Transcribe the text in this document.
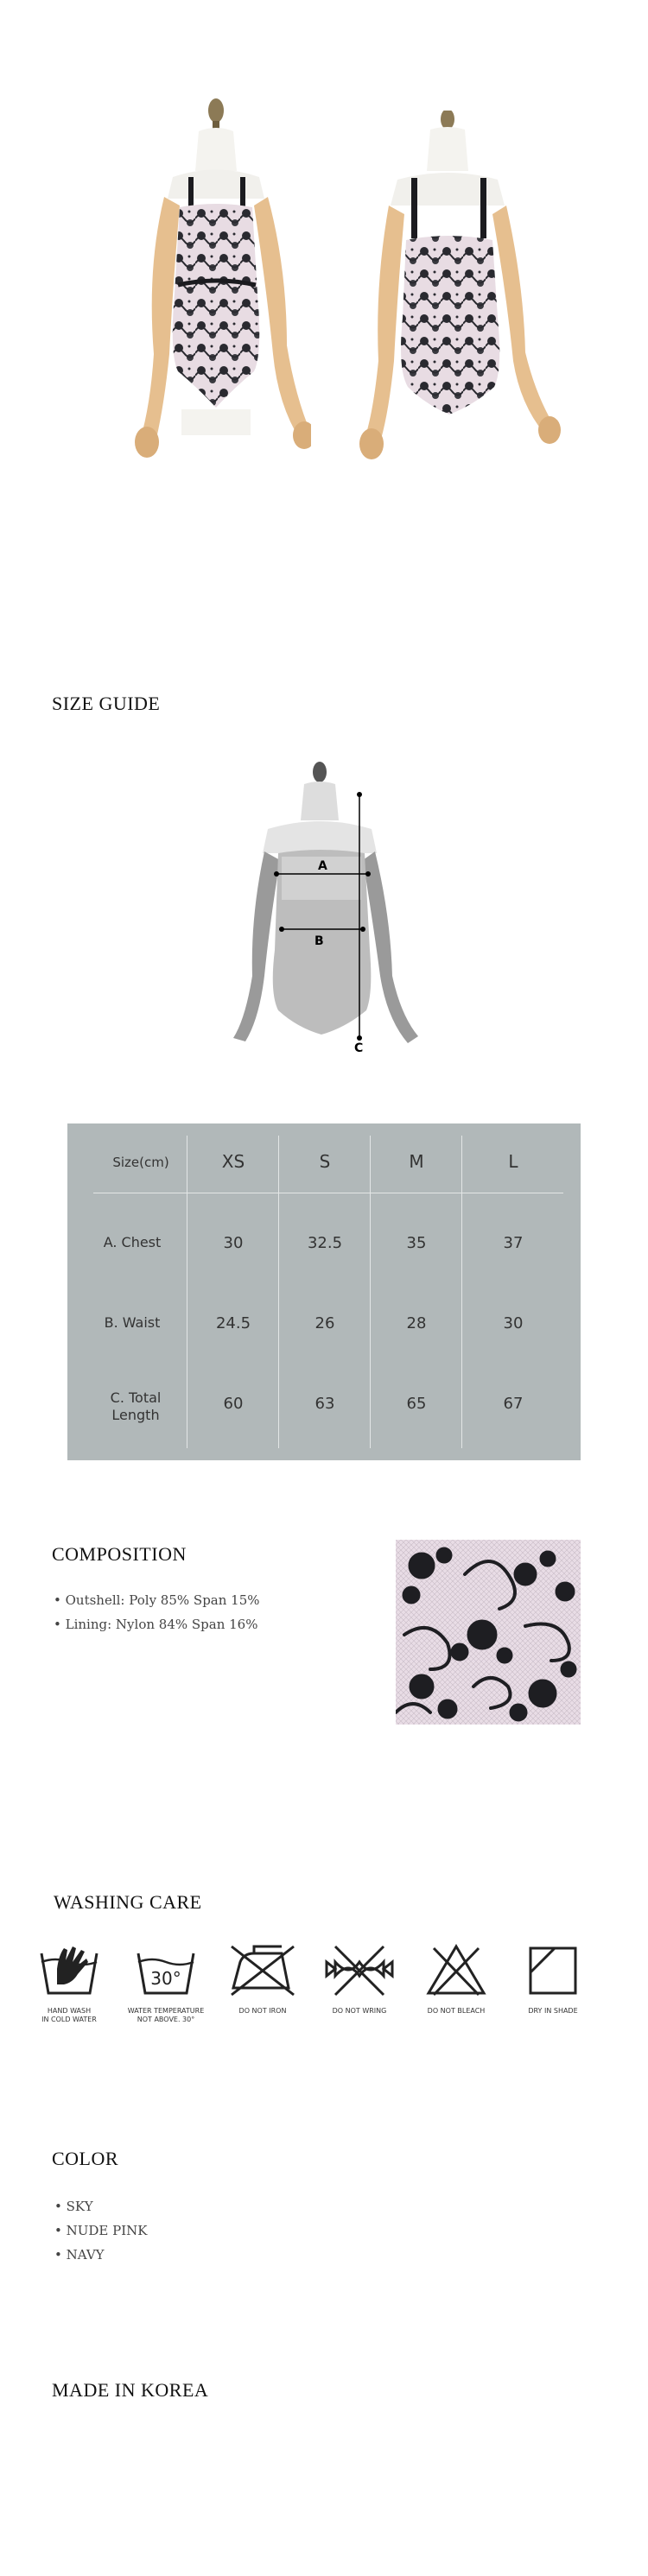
SIZE GUIDE
A
B
C
Size(cm)	XS	S	M	L
A. Chest	30	32.5	35	37
B. Waist	24.5	26	28	30
C. Total
Length
60	63	65	67
COMPOSITION
• Outshell: Poly 85% Span 15%
• Lining: Nylon 84% Span 16%
WASHING CARE
HAND WASH
IN COLD WATER
30°
WATER TEMPERATURE
NOT ABOVE. 30°
DO NOT IRON	DO NOT WRING	DO NOT BLEACH	DRY IN SHADE
COLOR
• SKY
• NUDE PINK
• NAVY
MADE IN KOREA
